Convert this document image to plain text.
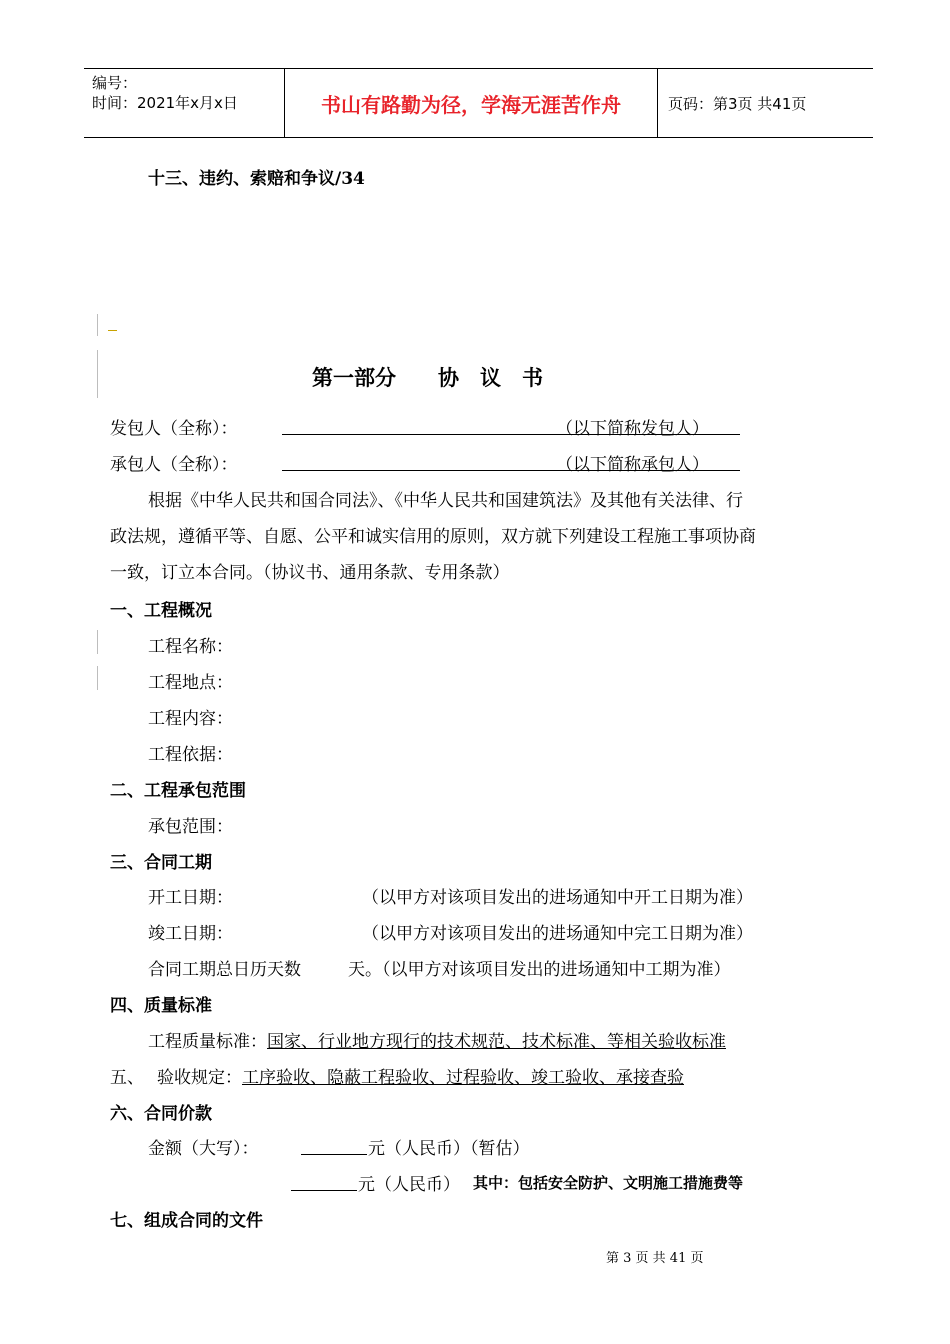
编号：
时间：2021年x月x日	书山有路勤为径，学海无涯苦作舟	页码：第3页 共41页
十三、违约、索赔和争议/34
第一部分　　协　议　书
发包人（全称）：	（以下简称发包人）
承包人（全称）：	（以下简称承包人）
根据《中华人民共和国合同法》、《中华人民共和国建筑法》及其他有关法律、行
政法规，遵循平等、自愿、公平和诚实信用的原则，双方就下列建设工程施工事项协商
一致，订立本合同。（协议书、通用条款、专用条款）
一、工程概况
工程名称：
工程地点：
工程内容：
工程依据：
二、工程承包范围
承包范围：
三、合同工期
开工日期：	（以甲方对该项目发出的进场通知中开工日期为准）
竣工日期：	（以甲方对该项目发出的进场通知中完工日期为准）
合同工期总日历天数	天。（以甲方对该项目发出的进场通知中工期为准）
四、质量标准
工程质量标准：国家、行业地方现行的技术规范、技术标准、等相关验收标准
五、 验收规定：工序验收、隐蔽工程验收、过程验收、竣工验收、承接查验
六、合同价款
金额（大写）：	元（人民币）（暂估）
元（人民币） 其中：包括安全防护、文明施工措施费等
七、组成合同的文件
第 3 页 共 41 页
